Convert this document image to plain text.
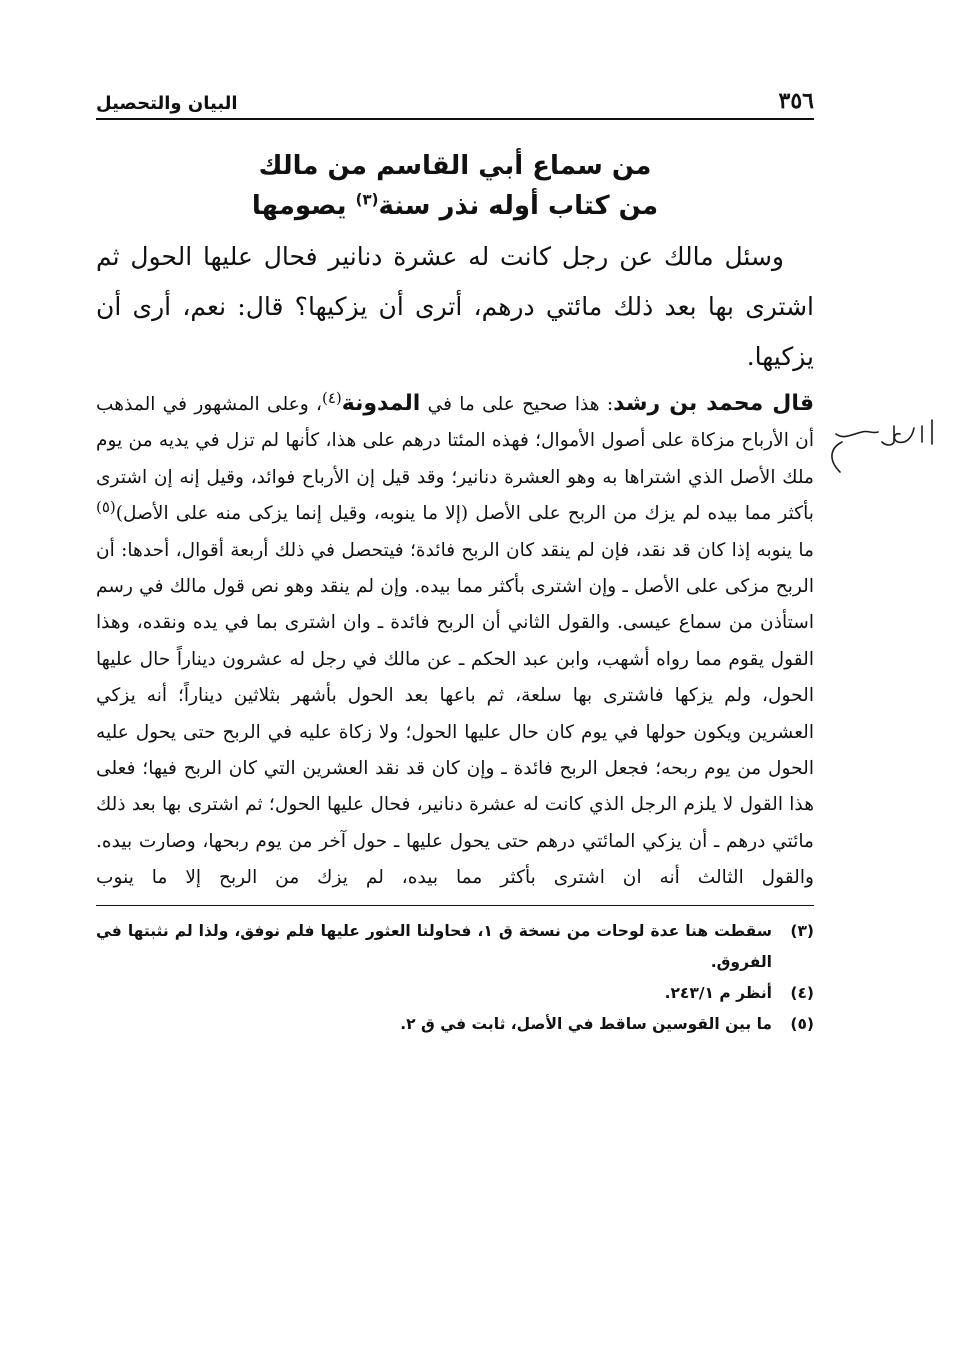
٣٥٦
البيان والتحصيل
من سماع أبي القاسم من مالك
من كتاب أوله نذر سنة$^{(٣)}$ يصومها

وسئل مالك عن رجل كانت له عشرة دنانير فحال عليها الحول ثم اشترى بها بعد ذلك مائتي درهم، أترى أن يزكيها؟ قال: نعم، أرى أن يزكيها.

قال محمد بن رشد: هذا صحيح على ما في المدونة$^{(٤)}$، وعلى المشهور في المذهب أن الأرباح مزكاة على أصول الأموال؛ فهذه المئتا درهم على هذا، كأنها لم تزل في يديه من يوم ملك الأصل الذي اشتراها به وهو العشرة دنانير؛ وقد قيل إن الأرباح فوائد، وقيل إنه إن اشترى بأكثر مما بيده لم يزك من الربح على الأصل (إلا ما ينوبه، وقيل إنما يزكى منه على الأصل)$^{(٥)}$ ما ينوبه إذا كان قد نقد، فإن لم ينقد كان الربح فائدة؛ فيتحصل في ذلك أربعة أقوال، أحدها: أن الربح مزكى على الأصل ـ وإن اشترى بأكثر مما بيده. وإن لم ينقد وهو نص قول مالك في رسم استأذن من سماع عيسى. والقول الثاني أن الربح فائدة ـ وان اشترى بما في يده ونقده، وهذا القول يقوم مما رواه أشهب، وابن عبد الحكم ـ عن مالك في رجل له عشرون ديناراً حال عليها الحول، ولم يزكها فاشترى بها سلعة، ثم باعها بعد الحول بأشهر بثلاثين ديناراً؛ أنه يزكي العشرين ويكون حولها في يوم كان حال عليها الحول؛ ولا زكاة عليه في الربح حتى يحول عليه الحول من يوم ربحه؛ فجعل الربح فائدة ـ وإن كان قد نقد العشرين التي كان الربح فيها؛ فعلى هذا القول لا يلزم الرجل الذي كانت له عشرة دنانير، فحال عليها الحول؛ ثم اشترى بها بعد ذلك مائتي درهم ـ أن يزكي المائتي درهم حتى يحول عليها ـ حول آخر من يوم ربحها، وصارت بيده. والقول الثالث أنه ان اشترى بأكثر مما بيده، لم يزك من الربح إلا ما ينوب

(٣)
سقطت هنا عدة لوحات من نسخة ق ١، فحاولنا العثور عليها فلم نوفق، ولذا لم نثبتها في الفروق.
(٤)
أنظر م ٢٤٣/١.
(٥)
ما بين القوسين ساقط في الأصل، ثابت في ق ٢.
